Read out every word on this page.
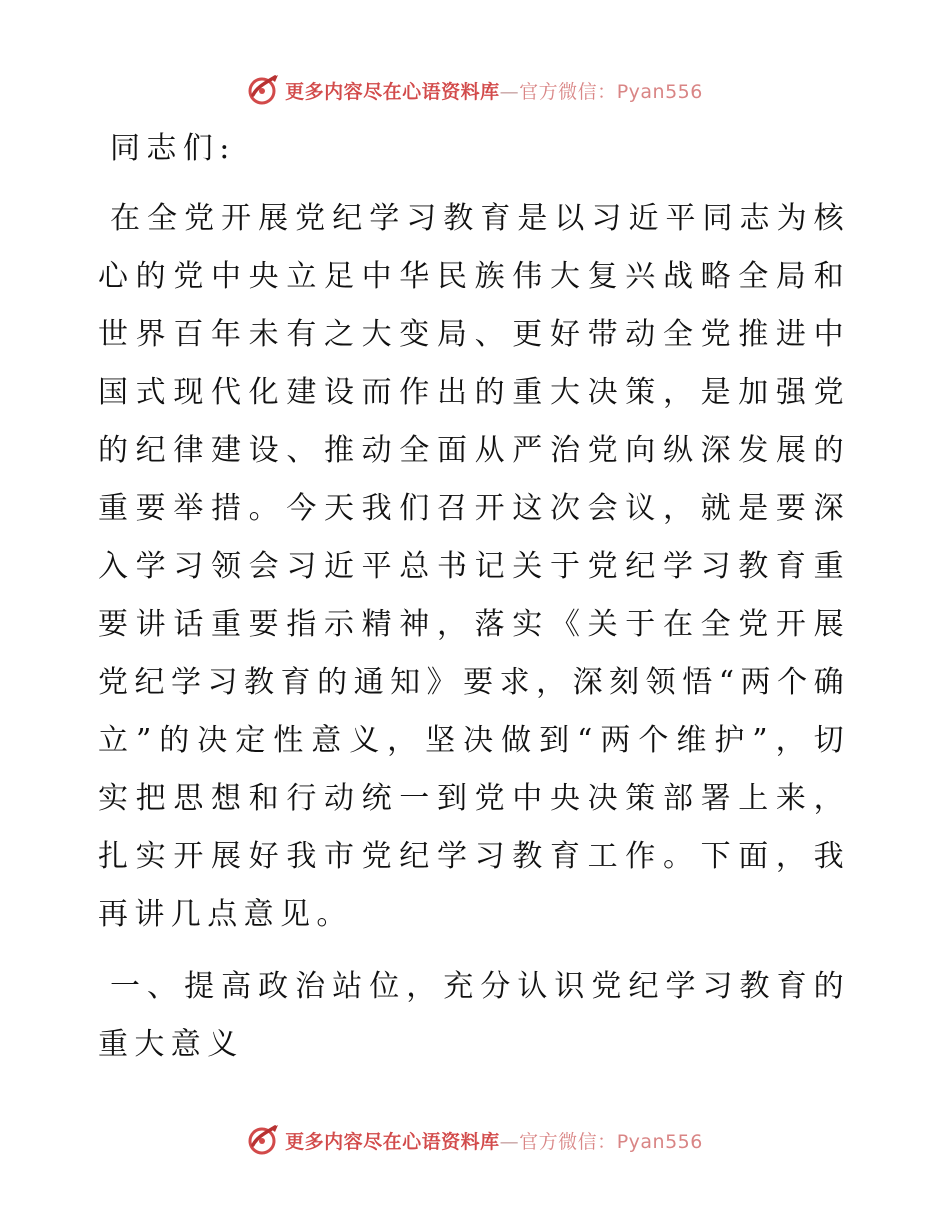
更多内容尽在心语资料库—官方微信：Pyan556

同志们:

在全党开展党纪学习教育是以习近平同志为核心的党中央立足中华民族伟大复兴战略全局和世界百年未有之大变局、更好带动全党推进中国式现代化建设而作出的重大决策，是加强党的纪律建设、推动全面从严治党向纵深发展的重要举措。今天我们召开这次会议，就是要深入学习领会习近平总书记关于党纪学习教育重要讲话重要指示精神，落实《关于在全党开展党纪学习教育的通知》要求，深刻领悟“两个确立”的决定性意义，坚决做到“两个维护”，切实把思想和行动统一到党中央决策部署上来，扎实开展好我市党纪学习教育工作。下面，我再讲几点意见。

一、提高政治站位，充分认识党纪学习教育的重大意义

更多内容尽在心语资料库—官方微信：Pyan556
